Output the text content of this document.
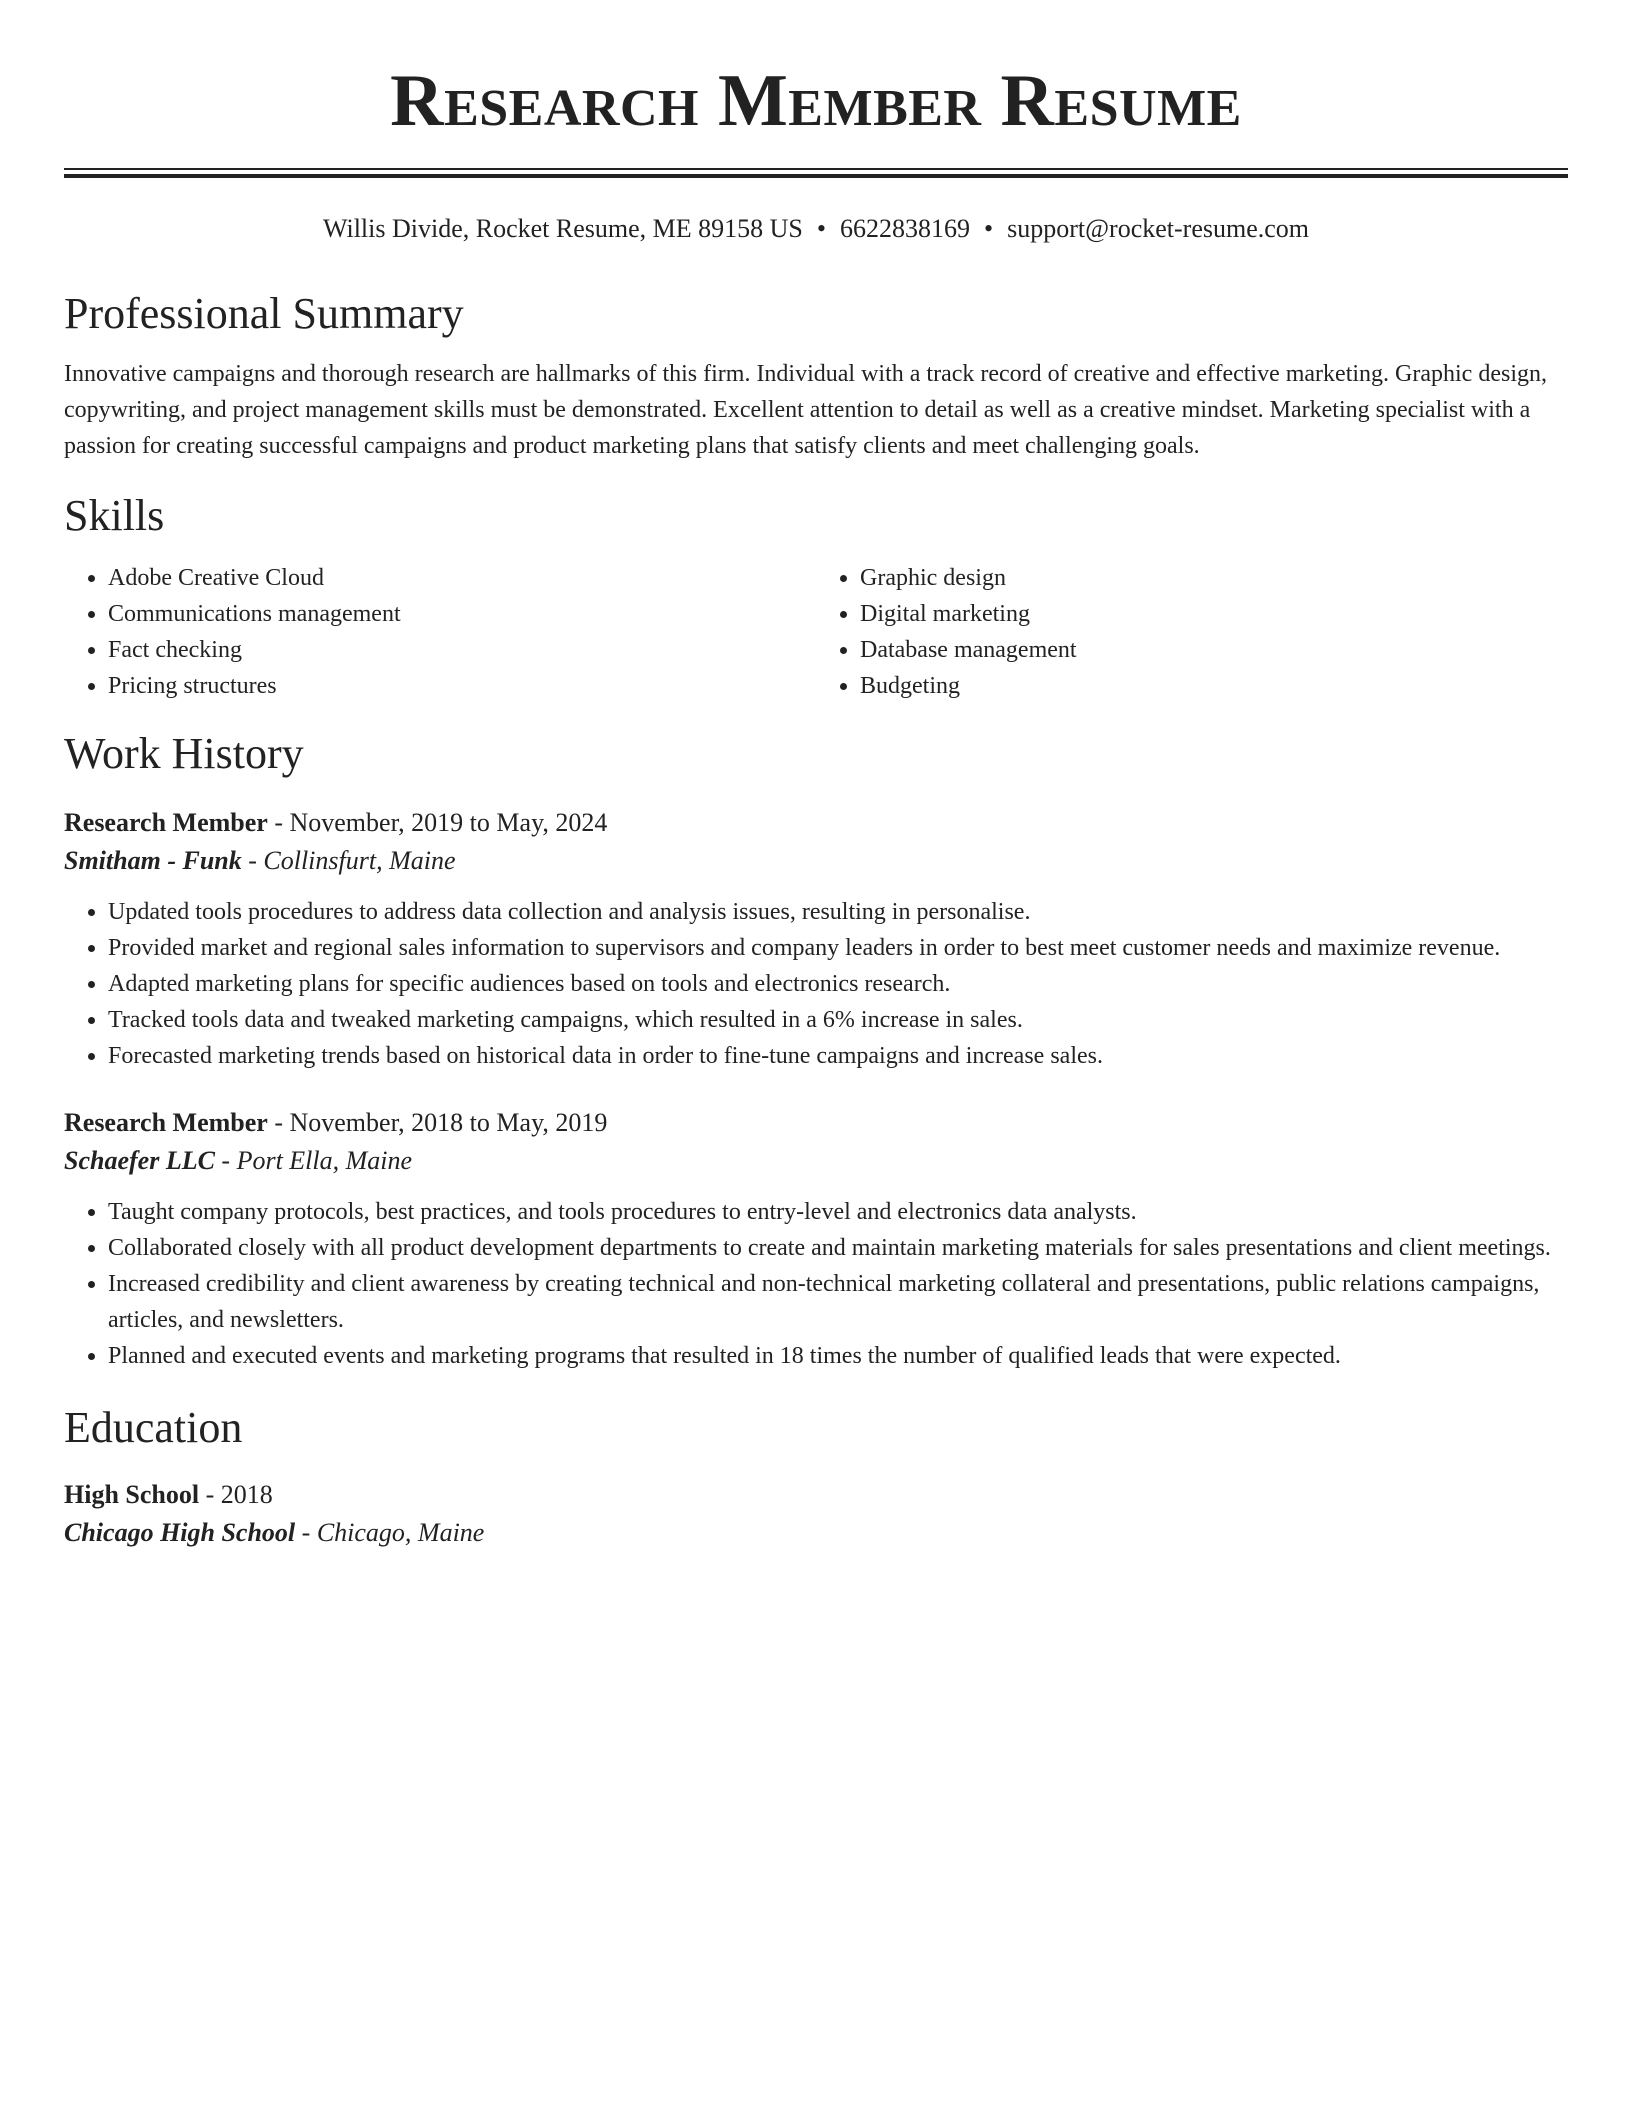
Research Member Resume
Willis Divide, Rocket Resume, ME 89158 US • 6622838169 • support@rocket-resume.com
Professional Summary

Innovative campaigns and thorough research are hallmarks of this firm. Individual with a track record of creative and effective marketing. Graphic design, copywriting, and project management skills must be demonstrated. Excellent attention to detail as well as a creative mindset. Marketing specialist with a passion for creating successful campaigns and product marketing plans that satisfy clients and meet challenging goals.

Skills
• Adobe Creative Cloud
• Communications management
• Fact checking
• Pricing structures
• Graphic design
• Digital marketing
• Database management
• Budgeting
Work History
Research Member - November, 2019 to May, 2024
Smitham - Funk - Collinsfurt, Maine
• Updated tools procedures to address data collection and analysis issues, resulting in personalise.
• Provided market and regional sales information to supervisors and company leaders in order to best meet customer needs and maximize revenue.
• Adapted marketing plans for specific audiences based on tools and electronics research.
• Tracked tools data and tweaked marketing campaigns, which resulted in a 6% increase in sales.
• Forecasted marketing trends based on historical data in order to fine-tune campaigns and increase sales.
Research Member - November, 2018 to May, 2019
Schaefer LLC - Port Ella, Maine
• Taught company protocols, best practices, and tools procedures to entry-level and electronics data analysts.
• Collaborated closely with all product development departments to create and maintain marketing materials for sales presentations and client meetings.
• Increased credibility and client awareness by creating technical and non-technical marketing collateral and presentations, public relations campaigns, articles, and newsletters.
• Planned and executed events and marketing programs that resulted in 18 times the number of qualified leads that were expected.
Education
High School - 2018
Chicago High School - Chicago, Maine
